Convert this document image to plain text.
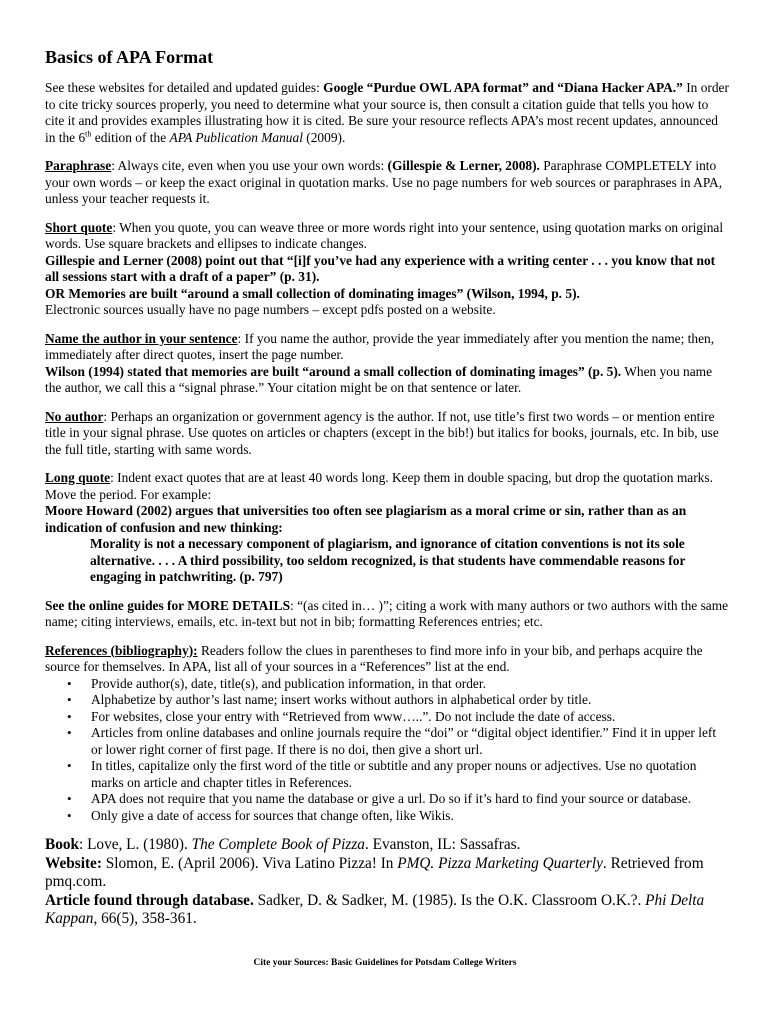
Basics of APA Format
See these websites for detailed and updated guides: Google “Purdue OWL APA format” and “Diana Hacker APA.” In order to cite tricky sources properly, you need to determine what your source is, then consult a citation guide that tells you how to cite it and provides examples illustrating how it is cited. Be sure your resource reflects APA’s most recent updates, announced in the 6th edition of the APA Publication Manual (2009).
Paraphrase: Always cite, even when you use your own words: (Gillespie & Lerner, 2008). Paraphrase COMPLETELY into your own words – or keep the exact original in quotation marks. Use no page numbers for web sources or paraphrases in APA, unless your teacher requests it.
Short quote: When you quote, you can weave three or more words right into your sentence, using quotation marks on original words. Use square brackets and ellipses to indicate changes.
Gillespie and Lerner (2008) point out that “[i]f you’ve had any experience with a writing center . . . you know that not all sessions start with a draft of a paper” (p. 31).
OR Memories are built “around a small collection of dominating images” (Wilson, 1994, p. 5).
Electronic sources usually have no page numbers – except pdfs posted on a website.
Name the author in your sentence: If you name the author, provide the year immediately after you mention the name; then, immediately after direct quotes, insert the page number.
Wilson (1994) stated that memories are built “around a small collection of dominating images” (p. 5). When you name the author, we call this a “signal phrase.” Your citation might be on that sentence or later.
No author: Perhaps an organization or government agency is the author. If not, use title’s first two words – or mention entire title in your signal phrase. Use quotes on articles or chapters (except in the bib!) but italics for books, journals, etc. In bib, use the full title, starting with same words.
Long quote: Indent exact quotes that are at least 40 words long. Keep them in double spacing, but drop the quotation marks. Move the period. For example:
Moore Howard (2002) argues that universities too often see plagiarism as a moral crime or sin, rather than as an indication of confusion and new thinking:
Morality is not a necessary component of plagiarism, and ignorance of citation conventions is not its sole alternative. . . . A third possibility, too seldom recognized, is that students have commendable reasons for engaging in patchwriting. (p. 797)
See the online guides for MORE DETAILS: “(as cited in… )”; citing a work with many authors or two authors with the same name; citing interviews, emails, etc. in-text but not in bib; formatting References entries; etc.
References (bibliography): Readers follow the clues in parentheses to find more info in your bib, and perhaps acquire the source for themselves. In APA, list all of your sources in a “References” list at the end.
• Provide author(s), date, title(s), and publication information, in that order.
• Alphabetize by author’s last name; insert works without authors in alphabetical order by title.
• For websites, close your entry with “Retrieved from www…..”. Do not include the date of access.
• Articles from online databases and online journals require the “doi” or “digital object identifier.” Find it in upper left or lower right corner of first page. If there is no doi, then give a short url.
• In titles, capitalize only the first word of the title or subtitle and any proper nouns or adjectives. Use no quotation marks on article and chapter titles in References.
• APA does not require that you name the database or give a url. Do so if it’s hard to find your source or database.
• Only give a date of access for sources that change often, like Wikis.
Book: Love, L. (1980). The Complete Book of Pizza. Evanston, IL: Sassafras.
Website: Slomon, E. (April 2006). Viva Latino Pizza! In PMQ. Pizza Marketing Quarterly. Retrieved from pmq.com.
Article found through database. Sadker, D. & Sadker, M. (1985). Is the O.K. Classroom O.K.?. Phi Delta Kappan, 66(5), 358-361.
Cite your Sources: Basic Guidelines for Potsdam College Writers
